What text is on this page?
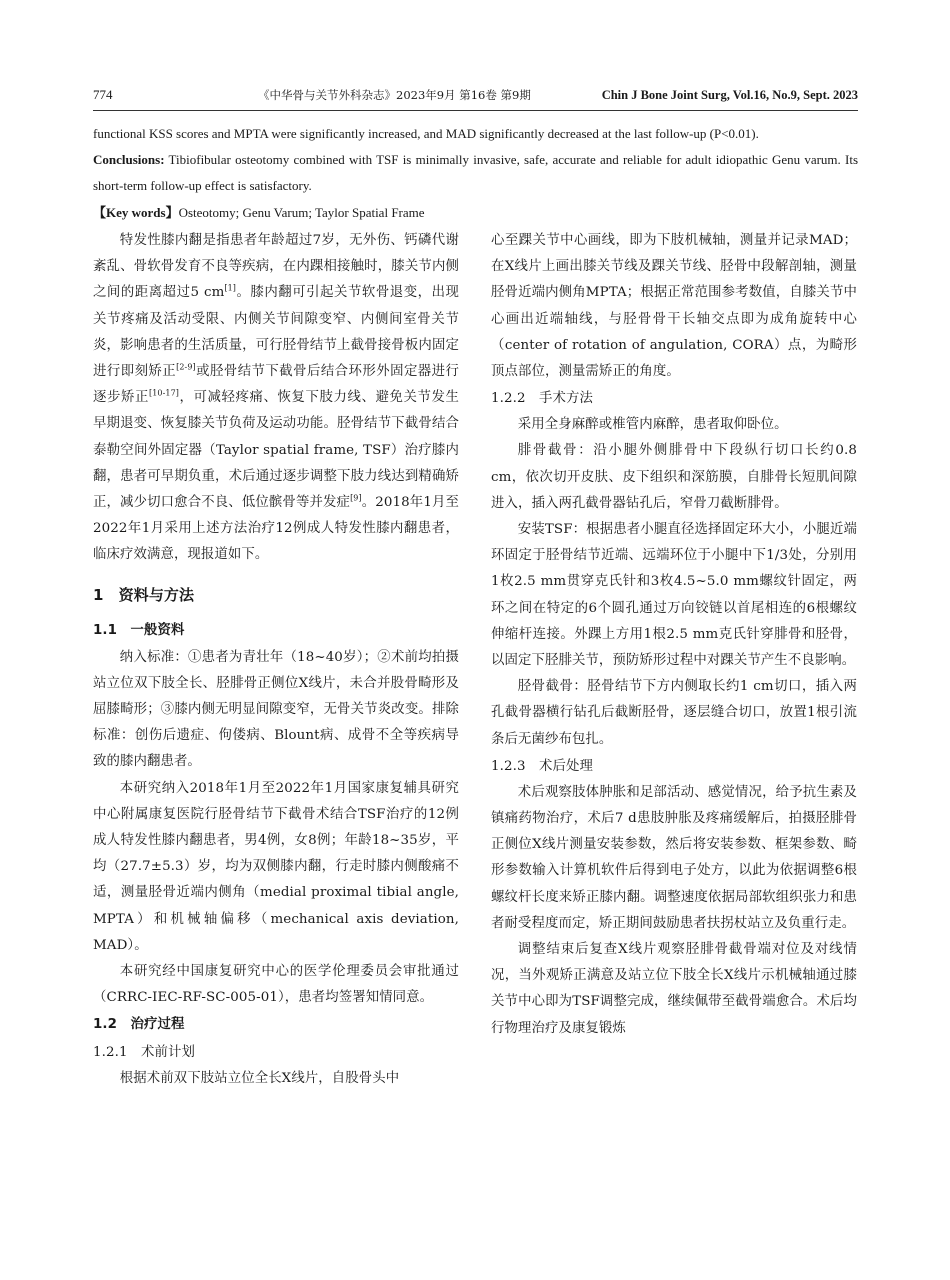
774	《中华骨与关节外科杂志》2023年9月 第16卷 第9期	Chin J Bone Joint Surg, Vol.16, No.9, Sept. 2023

functional KSS scores and MPTA were significantly increased, and MAD significantly decreased at the last follow-up (P<0.01).

Conclusions: Tibiofibular osteotomy combined with TSF is minimally invasive, safe, accurate and reliable for adult idiopathic Genu varum. Its short-term follow-up effect is satisfactory.

【Key words】Osteotomy; Genu Varum; Taylor Spatial Frame

特发性膝内翻是指患者年龄超过7岁，无外伤、钙磷代谢紊乱、骨软骨发育不良等疾病，在内踝相接触时，膝关节内侧之间的距离超过5 cm[1]。膝内翻可引起关节软骨退变，出现关节疼痛及活动受限、内侧关节间隙变窄、内侧间室骨关节炎，影响患者的生活质量，可行胫骨结节上截骨接骨板内固定进行即刻矫正[2-9]或胫骨结节下截骨后结合环形外固定器进行逐步矫正[10-17]，可减轻疼痛、恢复下肢力线、避免关节发生早期退变、恢复膝关节负荷及运动功能。胫骨结节下截骨结合泰勒空间外固定器（Taylor spatial frame, TSF）治疗膝内翻，患者可早期负重，术后通过逐步调整下肢力线达到精确矫正，减少切口愈合不良、低位髌骨等并发症[9]。2018年1月至2022年1月采用上述方法治疗12例成人特发性膝内翻患者，临床疗效满意，现报道如下。

1　资料与方法

1.1　一般资料

纳入标准：①患者为青壮年（18~40岁）；②术前均拍摄站立位双下肢全长、胫腓骨正侧位X线片，未合并股骨畸形及屈膝畸形；③膝内侧无明显间隙变窄，无骨关节炎改变。排除标准：创伤后遗症、佝偻病、Blount病、成骨不全等疾病导致的膝内翻患者。

本研究纳入2018年1月至2022年1月国家康复辅具研究中心附属康复医院行胫骨结节下截骨术结合TSF治疗的12例成人特发性膝内翻患者，男4例，女8例；年龄18~35岁，平均（27.7±5.3）岁，均为双侧膝内翻，行走时膝内侧酸痛不适，测量胫骨近端内侧角（medial proximal tibial angle, MPTA）和机械轴偏移（mechanical axis deviation, MAD）。

本研究经中国康复研究中心的医学伦理委员会审批通过（CRRC-IEC-RF-SC-005-01），患者均签署知情同意。

1.2　治疗过程

1.2.1　术前计划

根据术前双下肢站立位全长X线片，自股骨头中

心至踝关节中心画线，即为下肢机械轴，测量并记录MAD；在X线片上画出膝关节线及踝关节线、胫骨中段解剖轴，测量胫骨近端内侧角MPTA；根据正常范围参考数值，自膝关节中心画出近端轴线，与胫骨骨干长轴交点即为成角旋转中心（center of rotation of angulation, CORA）点，为畸形顶点部位，测量需矫正的角度。

1.2.2　手术方法

采用全身麻醉或椎管内麻醉，患者取仰卧位。

腓骨截骨：沿小腿外侧腓骨中下段纵行切口长约0.8 cm，依次切开皮肤、皮下组织和深筋膜，自腓骨长短肌间隙进入，插入两孔截骨器钻孔后，窄骨刀截断腓骨。

安装TSF：根据患者小腿直径选择固定环大小，小腿近端环固定于胫骨结节近端、远端环位于小腿中下1/3处，分别用1枚2.5 mm贯穿克氏针和3枚4.5~5.0 mm螺纹针固定，两环之间在特定的6个圆孔通过万向铰链以首尾相连的6根螺纹伸缩杆连接。外踝上方用1根2.5 mm克氏针穿腓骨和胫骨，以固定下胫腓关节，预防矫形过程中对踝关节产生不良影响。

胫骨截骨：胫骨结节下方内侧取长约1 cm切口，插入两孔截骨器横行钻孔后截断胫骨，逐层缝合切口，放置1根引流条后无菌纱布包扎。

1.2.3　术后处理

术后观察肢体肿胀和足部活动、感觉情况，给予抗生素及镇痛药物治疗，术后7 d患肢肿胀及疼痛缓解后，拍摄胫腓骨正侧位X线片测量安装参数，然后将安装参数、框架参数、畸形参数输入计算机软件后得到电子处方，以此为依据调整6根螺纹杆长度来矫正膝内翻。调整速度依据局部软组织张力和患者耐受程度而定，矫正期间鼓励患者扶拐杖站立及负重行走。

调整结束后复查X线片观察胫腓骨截骨端对位及对线情况，当外观矫正满意及站立位下肢全长X线片示机械轴通过膝关节中心即为TSF调整完成，继续佩带至截骨端愈合。术后均行物理治疗及康复锻炼
